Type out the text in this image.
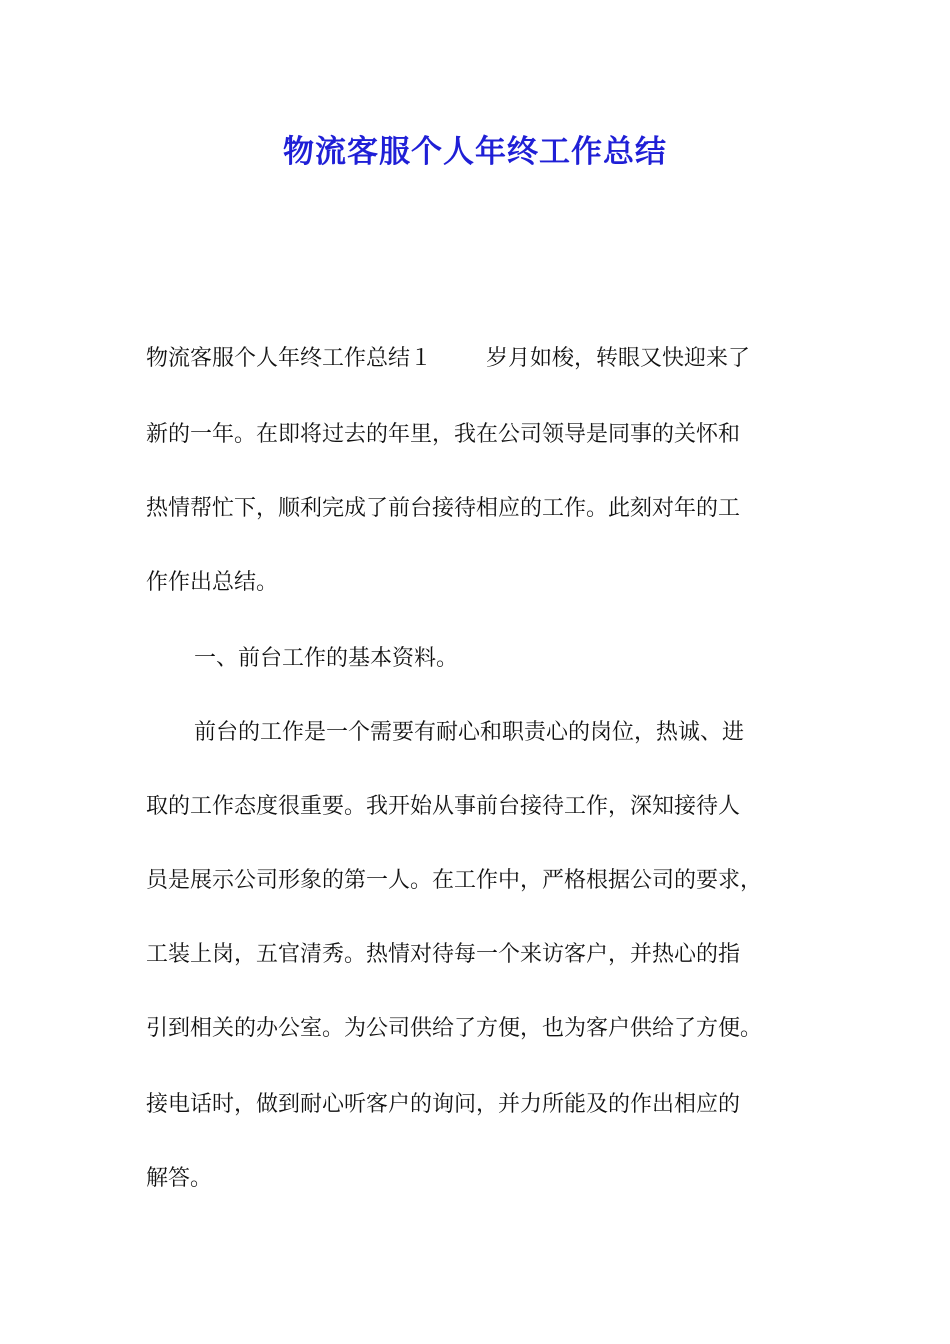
物流客服个人年终工作总结

物流客服个人年终工作总结１ 岁月如梭，转眼又快迎来了

新的一年。在即将过去的年里，我在公司领导是同事的关怀和

热情帮忙下，顺利完成了前台接待相应的工作。此刻对年的工

作作出总结。

一、前台工作的基本资料。

前台的工作是一个需要有耐心和职责心的岗位，热诚、进

取的工作态度很重要。我开始从事前台接待工作，深知接待人

员是展示公司形象的第一人。在工作中，严格根据公司的要求，

工装上岗，五官清秀。热情对待每一个来访客户，并热心的指

引到相关的办公室。为公司供给了方便，也为客户供给了方便。

接电话时，做到耐心听客户的询问，并力所能及的作出相应的

解答。
